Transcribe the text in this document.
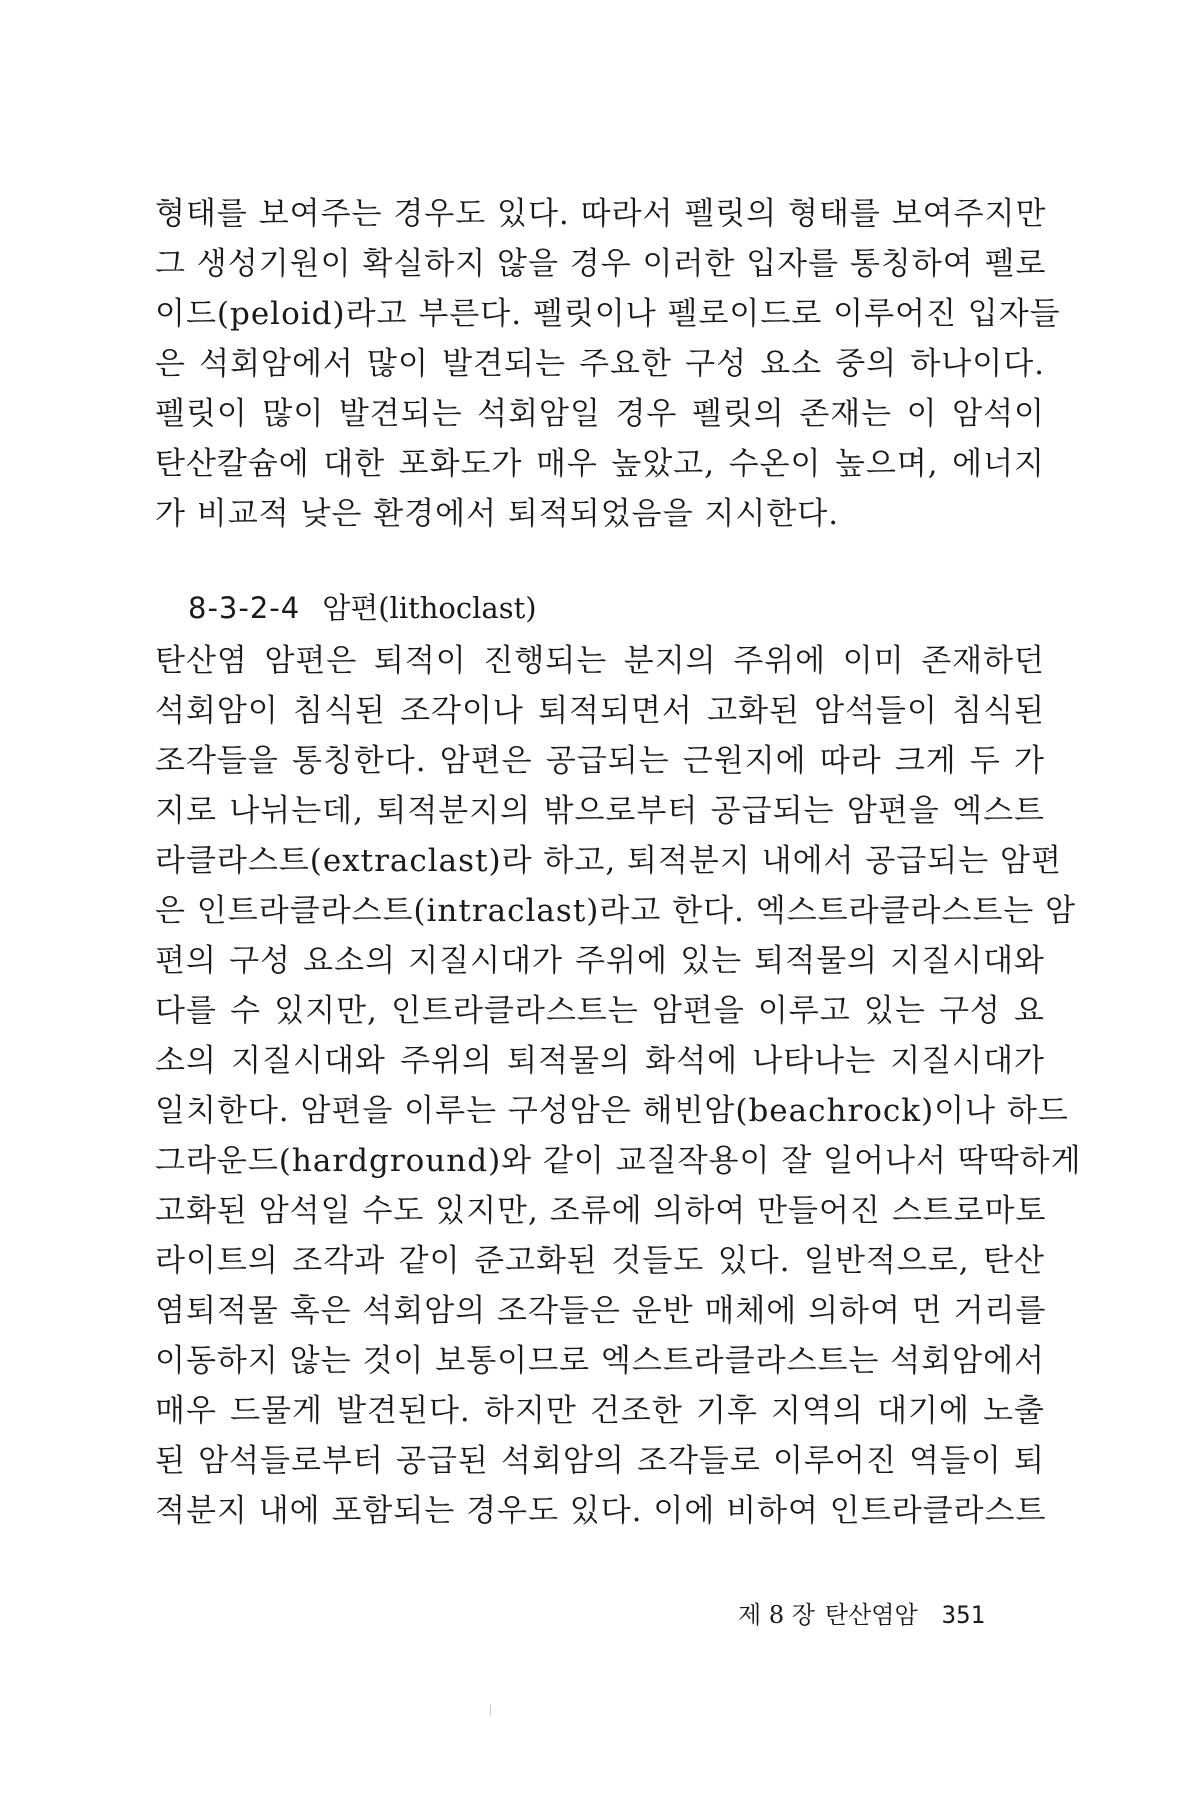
형태를 보여주는 경우도 있다. 따라서 펠릿의 형태를 보여주지만
그 생성기원이 확실하지 않을 경우 이러한 입자를 통칭하여 펠로
이드(peloid)라고 부른다. 펠릿이나 펠로이드로 이루어진 입자들
은 석회암에서 많이 발견되는 주요한 구성 요소 중의 하나이다.
펠릿이 많이 발견되는 석회암일 경우 펠릿의 존재는 이 암석이
탄산칼슘에 대한 포화도가 매우 높았고, 수온이 높으며, 에너지
가 비교적 낮은 환경에서 퇴적되었음을 지시한다.
8-3-2-4 암편(lithoclast)
탄산염 암편은 퇴적이 진행되는 분지의 주위에 이미 존재하던
석회암이 침식된 조각이나 퇴적되면서 고화된 암석들이 침식된
조각들을 통칭한다. 암편은 공급되는 근원지에 따라 크게 두 가
지로 나뉘는데, 퇴적분지의 밖으로부터 공급되는 암편을 엑스트
라클라스트(extraclast)라 하고, 퇴적분지 내에서 공급되는 암편
은 인트라클라스트(intraclast)라고 한다. 엑스트라클라스트는 암
편의 구성 요소의 지질시대가 주위에 있는 퇴적물의 지질시대와
다를 수 있지만, 인트라클라스트는 암편을 이루고 있는 구성 요
소의 지질시대와 주위의 퇴적물의 화석에 나타나는 지질시대가
일치한다. 암편을 이루는 구성암은 해빈암(beachrock)이나 하드
그라운드(hardground)와 같이 교질작용이 잘 일어나서 딱딱하게
고화된 암석일 수도 있지만, 조류에 의하여 만들어진 스트로마토
라이트의 조각과 같이 준고화된 것들도 있다. 일반적으로, 탄산
염퇴적물 혹은 석회암의 조각들은 운반 매체에 의하여 먼 거리를
이동하지 않는 것이 보통이므로 엑스트라클라스트는 석회암에서
매우 드물게 발견된다. 하지만 건조한 기후 지역의 대기에 노출
된 암석들로부터 공급된 석회암의 조각들로 이루어진 역들이 퇴
적분지 내에 포함되는 경우도 있다. 이에 비하여 인트라클라스트
제 8 장 탄산염암 351
